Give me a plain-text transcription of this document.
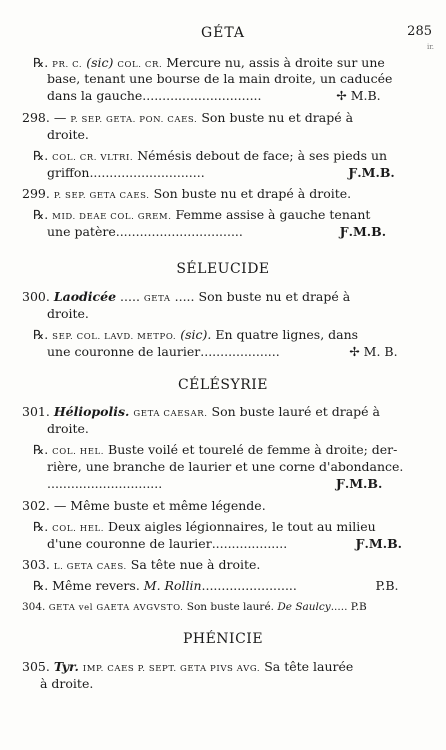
GÉTA	285
ir.
℞. PR. C. (sic) COL. CR. Mercure nu, assis à droite sur une
base, tenant une bourse de la main droite, un caducée
dans la gauche..............................	✢ M.B.
298. — P. SEP. GETA. PON. CAES. Son buste nu et drapé à
droite.
℞. COL. CR. VLTRI. Némésis debout de face; à ses pieds un
griffon.............................	Ƒ.M.B.
299. P. SEP. GETA CAES. Son buste nu et drapé à droite.
℞. MID. DEAE COL. GREM. Femme assise à gauche tenant
une patère................................	Ƒ.M.B.
SÉLEUCIDE
300. Laodicée ..... GETA ..... Son buste nu et drapé à
droite.
℞. SEP. COL. LAVD. METPO. (sic). En quatre lignes, dans
une couronne de laurier....................	✢ M. B.
CÉLÉSYRIE
301. Héliopolis. GETA CAESAR. Son buste lauré et drapé à
droite.
℞. COL. HEL. Buste voilé et tourelé de femme à droite; der-
rière, une branche de laurier et une corne d'abondance.
.............................	Ƒ.M.B.
302. — Même buste et même légende.
℞. COL. HEL. Deux aigles légionnaires, le tout au milieu
d'une couronne de laurier...................	Ƒ.M.B.
303. L. GETA CAES. Sa tête nue à droite.
℞. Même revers. M. Rollin........................	P.B.
304. GETA vel GAETA AVGVSTO. Son buste lauré. De Saulcy..... P.B
PHÉNICIE
305. Tyr. IMP. CAES P. SEPT. GETA PIVS AVG. Sa tête laurée
à droite.
